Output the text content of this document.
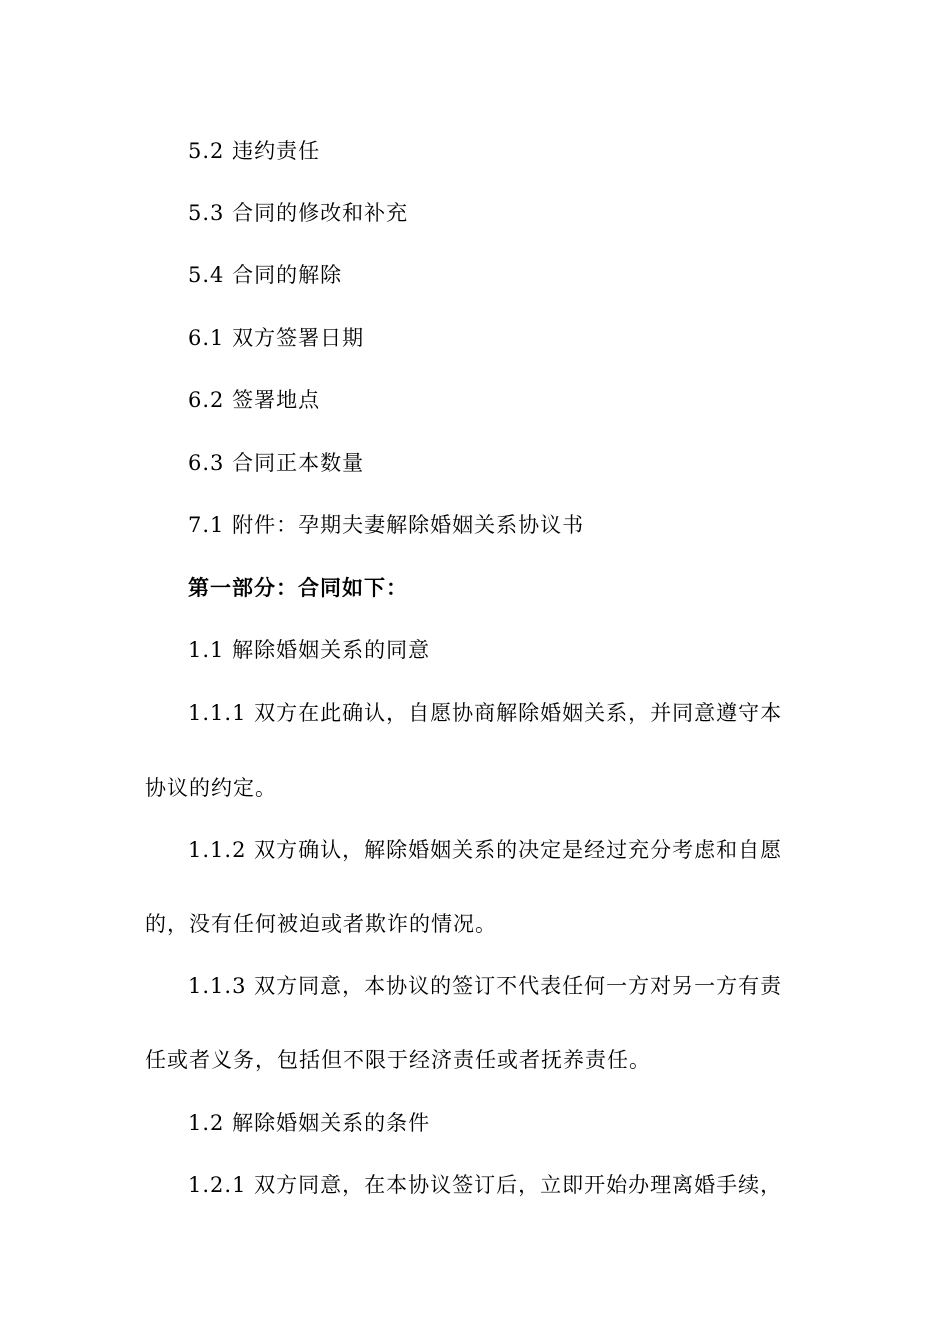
5.2 违约责任
5.3 合同的修改和补充
5.4 合同的解除
6.1 双方签署日期
6.2 签署地点
6.3 合同正本数量
7.1 附件：孕期夫妻解除婚姻关系协议书
第一部分：合同如下：
1.1 解除婚姻关系的同意
1.1.1 双方在此确认，自愿协商解除婚姻关系，并同意遵守本
协议的约定。
1.1.2 双方确认，解除婚姻关系的决定是经过充分考虑和自愿
的，没有任何被迫或者欺诈的情况。
1.1.3 双方同意，本协议的签订不代表任何一方对另一方有责
任或者义务，包括但不限于经济责任或者抚养责任。
1.2 解除婚姻关系的条件
1.2.1 双方同意，在本协议签订后，立即开始办理离婚手续，
